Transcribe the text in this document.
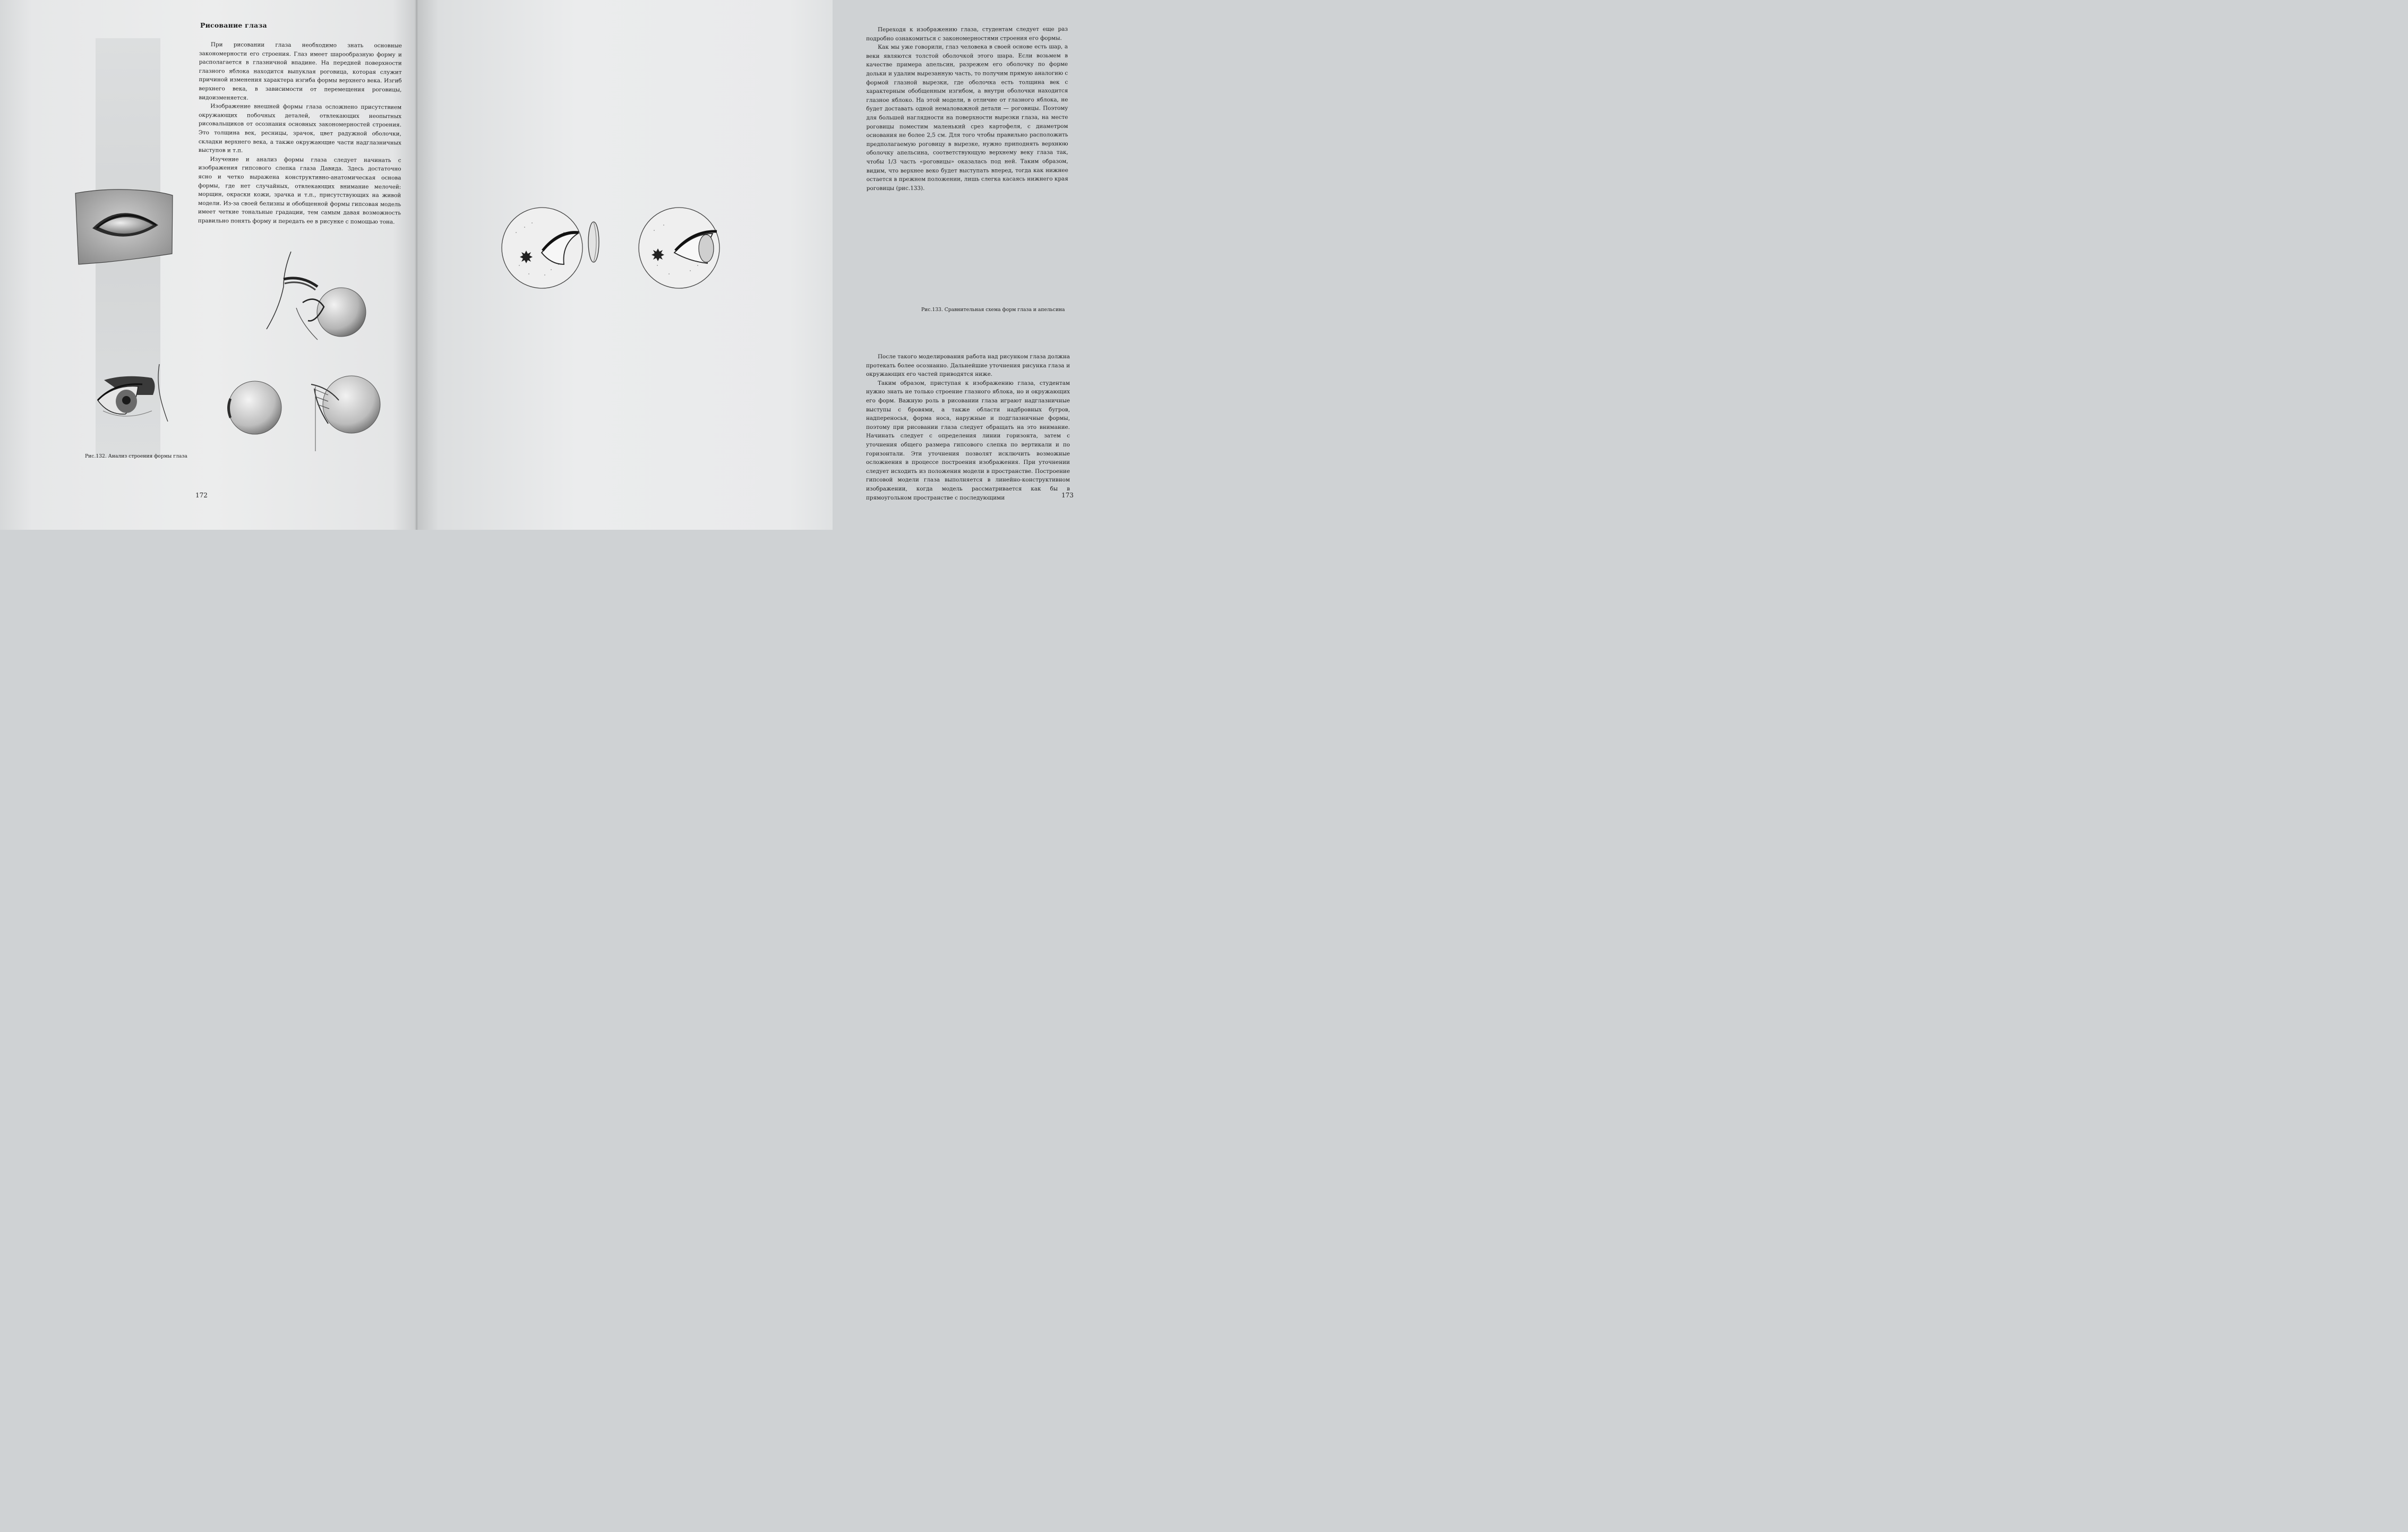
Рисование глаза

При рисовании глаза необходимо знать основные закономерности его строения. Глаз имеет шарообразную форму и располагается в глазничной впадине. На передней поверхности глазного яблока находится выпуклая роговица, которая служит причиной изменения характера изгиба формы верхнего века. Изгиб верхнего века, в зависимости от перемещения роговицы, видоизменяется.

Изображение внешней формы глаза осложнено присутствием окружающих побочных деталей, отвлекающих неопытных рисовальщиков от осознания основных закономерностей строения. Это толщина век, ресницы, зрачок, цвет радужной оболочки, складки верхнего века, а также окружающие части надглазничных выступов и т.п.

Изучение и анализ формы глаза следует начинать с изображения гипсового слепка глаза Давида. Здесь достаточно ясно и четко выражена конструктивно-анатомическая основа формы, где нет случайных, отвлекающих внимание мелочей: морщин, окраски кожи, зрачка и т.п., присутствующих на живой модели. Из-за своей белизны и обобщенной формы гипсовая модель имеет четкие тональные градации, тем самым давая возможность правильно понять форму и передать ее в рисунке с помощью тона.

Рис.132. Анализ строения формы глаза
172

Переходя к изображению глаза, студентам следует еще раз подробно ознакомиться с закономерностями строения его формы.

Как мы уже говорили, глаз человека в своей основе есть шар, а веки являются толстой оболочкой этого шара. Если возьмем в качестве примера апельсин, разрежем его оболочку по форме дольки и удалим вырезанную часть, то получим прямую аналогию с формой глазной вырезки, где оболочка есть толщина век с характерным обобщенным изгибом, а внутри оболочки находится глазное яблоко. На этой модели, в отличие от глазного яблока, не будет доставать одной немаловажной детали — роговицы. Поэтому для большей наглядности на поверхности вырезки глаза, на месте роговицы поместим маленький срез картофеля, с диаметром основания не более 2,5 см. Для того чтобы правильно расположить предполагаемую роговицу в вырезке, нужно приподнять верхнюю оболочку апельсина, соответствующую верхнему веку глаза так, чтобы 1/3 часть «роговицы» оказалась под ней. Таким образом, видим, что верхнее веко будет выступать вперед, тогда как нижнее остается в прежнем положении, лишь слегка касаясь нижнего края роговицы (рис.133).

Рис.133. Сравнительная схема форм глаза и апельсина

После такого моделирования работа над рисунком глаза должна протекать более осознанно. Дальнейшие уточнения рисунка глаза и окружающих его частей приводятся ниже.

Таким образом, приступая к изображению глаза, студентам нужно знать не только строение глазного яблока, но и окружающих его форм. Важную роль в рисовании глаза играют надглазничные выступы с бровями, а также области надбровных бугров, надпереносья, форма носа, наружные и подглазничные формы, поэтому при рисовании глаза следует обращать на это внимание. Начинать следует с определения линии горизонта, затем с уточнения общего размера гипсового слепка по вертикали и по горизонтали. Эти уточнения позволят исключить возможные осложнения в процессе построения изображения. При уточнении следует исходить из положения модели в пространстве. Построение гипсовой модели глаза выполняется в линейно-конструктивном изображении, когда модель рассматривается как бы в прямоугольном пространстве с последующими	173
